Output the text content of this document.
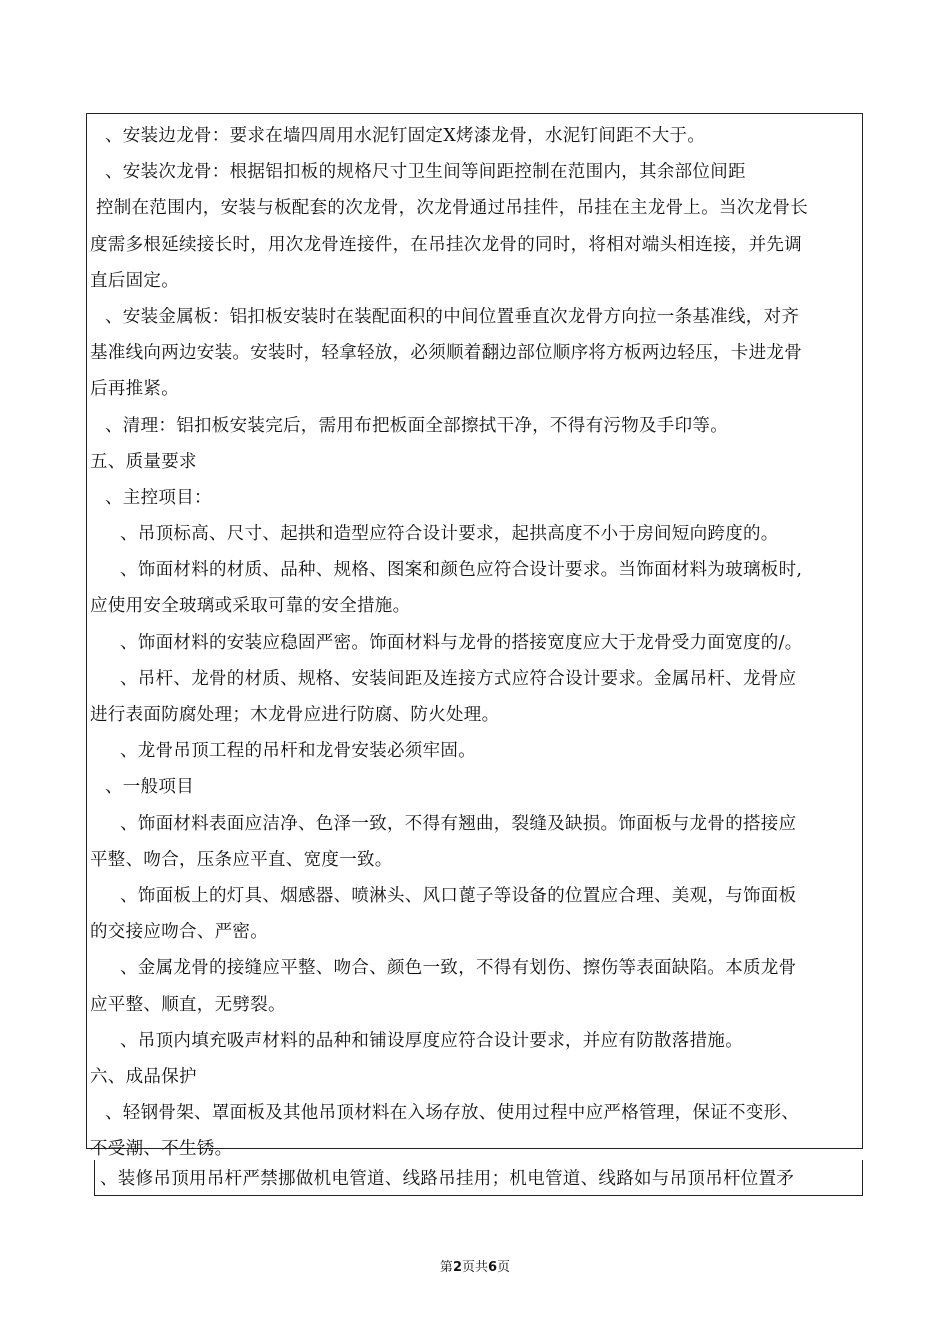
、安装边龙骨：要求在墙四周用水泥钉固定X烤漆龙骨，水泥钉间距不大于。
、安装次龙骨：根据铝扣板的规格尺寸卫生间等间距控制在范围内，其余部位间距
控制在范围内，安装与板配套的次龙骨，次龙骨通过吊挂件，吊挂在主龙骨上。当次龙骨长
度需多根延续接长时，用次龙骨连接件，在吊挂次龙骨的同时，将相对端头相连接，并先调
直后固定。
、安装金属板：铝扣板安装时在装配面积的中间位置垂直次龙骨方向拉一条基准线，对齐
基准线向两边安装。安装时，轻拿轻放，必须顺着翻边部位顺序将方板两边轻压，卡进龙骨
后再推紧。
、清理：铝扣板安装完后，需用布把板面全部擦拭干净，不得有污物及手印等。
五、质量要求
、主控项目：
、吊顶标高、尺寸、起拱和造型应符合设计要求，起拱高度不小于房间短向跨度的。
、饰面材料的材质、品种、规格、图案和颜色应符合设计要求。当饰面材料为玻璃板时,
应使用安全玻璃或采取可靠的安全措施。
、饰面材料的安装应稳固严密。饰面材料与龙骨的搭接宽度应大于龙骨受力面宽度的/。
、吊杆、龙骨的材质、规格、安装间距及连接方式应符合设计要求。金属吊杆、龙骨应
进行表面防腐处理；木龙骨应进行防腐、防火处理。
、龙骨吊顶工程的吊杆和龙骨安装必须牢固。
、一般项目
、饰面材料表面应洁净、色泽一致，不得有翘曲，裂缝及缺损。饰面板与龙骨的搭接应
平整、吻合，压条应平直、宽度一致。
、饰面板上的灯具、烟感器、喷淋头、风口蓖子等设备的位置应合理、美观，与饰面板
的交接应吻合、严密。
、金属龙骨的接缝应平整、吻合、颜色一致，不得有划伤、擦伤等表面缺陷。本质龙骨
应平整、顺直，无劈裂。
、吊顶内填充吸声材料的品种和铺设厚度应符合设计要求，并应有防散落措施。
六、成品保护
、轻钢骨架、罩面板及其他吊顶材料在入场存放、使用过程中应严格管理，保证不变形、
不受潮、不生锈。
、装修吊顶用吊杆严禁挪做机电管道、线路吊挂用；机电管道、线路如与吊顶吊杆位置矛
第2页共6页
